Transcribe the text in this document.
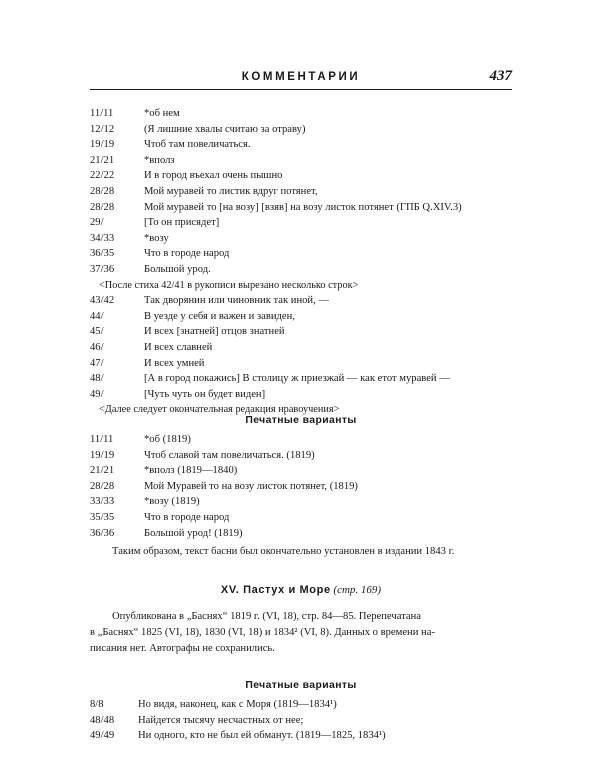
КОММЕНТАРИИ	437
11/11	*об нем
12/12	(Я лишние хвалы считаю за отраву)
19/19	Чтоб там повеличаться.
21/21	*вполз
22/22	И в город въехал очень пышно
28/28	Мой муравей то листик вдруг потянет,
28/28	Мой муравей то [на возу] [взяв] на возу листок потянет (ГПБ Q.XIV.3)
29/	[То он присядет]
34/33	*возу
36/35	Что в городе народ
37/36	Большой урод.
<После стиха 42/41 в рукописи вырезано несколько строк>
43/42	Так дворянин или чиновник так иной, —
44/	В уезде у себя и важен и завиден,
45/	И всех [знатней] отцов знатней
46/	И всех славней
47/	И всех умней
48/	[А в город покажись] В столицу ж приезжай — как етот муравей —
49/	[Чуть чуть он будет виден]
<Далее следует окончательная редакция нравоучения>
Печатные варианты
11/11	*об (1819)
19/19	Чтоб славой там повеличаться. (1819)
21/21	*вполз (1819—1840)
28/28	Мой Муравей то на возу листок потянет, (1819)
33/33	*возу (1819)
35/35	Что в городе народ
36/36	Большой урод! (1819)
Таким образом, текст басни был окончательно установлен в издании 1843 г.
XV. Пастух и Море (стр. 169)
Опубликована в „Баснях“ 1819 г. (VI, 18), стр. 84—85. Перепечатана
в „Баснях“ 1825 (VI, 18), 1830 (VI, 18) и 1834² (VI, 8). Данных о времени на-
писания нет. Автографы не сохранились.
Печатные варианты
8/8	Но видя, наконец, как с Моря (1819—1834¹)
48/48 Найдется тысячу несчастных от нее;
49/49 Ни одного, кто не был ей обманут. (1819—1825, 1834¹)
